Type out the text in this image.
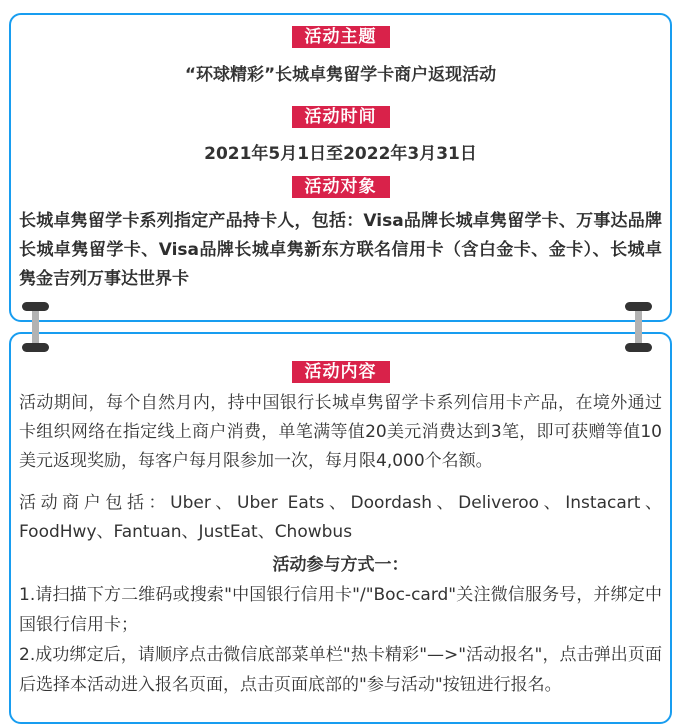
活动主题
“环球精彩”长城卓隽留学卡商户返现活动
活动时间
2021年5月1日至2022年3月31日
活动对象
长城卓隽留学卡系列指定产品持卡人，包括：Visa品牌长城卓隽留学卡、万事达品牌长城卓隽留学卡、Visa品牌长城卓隽新东方联名信用卡（含白金卡、金卡）、长城卓隽金吉列万事达世界卡
活动内容
活动期间，每个自然月内，持中国银行长城卓隽留学卡系列信用卡产品，在境外通过卡组织网络在指定线上商户消费，单笔满等值20美元消费达到3笔，即可获赠等值10美元返现奖励，每客户每月限参加一次，每月限4,000个名额。
活动商户包括：Uber、Uber Eats、Doordash、Deliveroo、Instacart、FoodHwy、Fantuan、JustEat、Chowbus
活动参与方式一：
1.请扫描下方二维码或搜索"中国银行信用卡"/"Boc-card"关注微信服务号，并绑定中国银行信用卡；
2.成功绑定后，请顺序点击微信底部菜单栏"热卡精彩"—>"活动报名"，点击弹出页面后选择本活动进入报名页面，点击页面底部的"参与活动"按钮进行报名。
